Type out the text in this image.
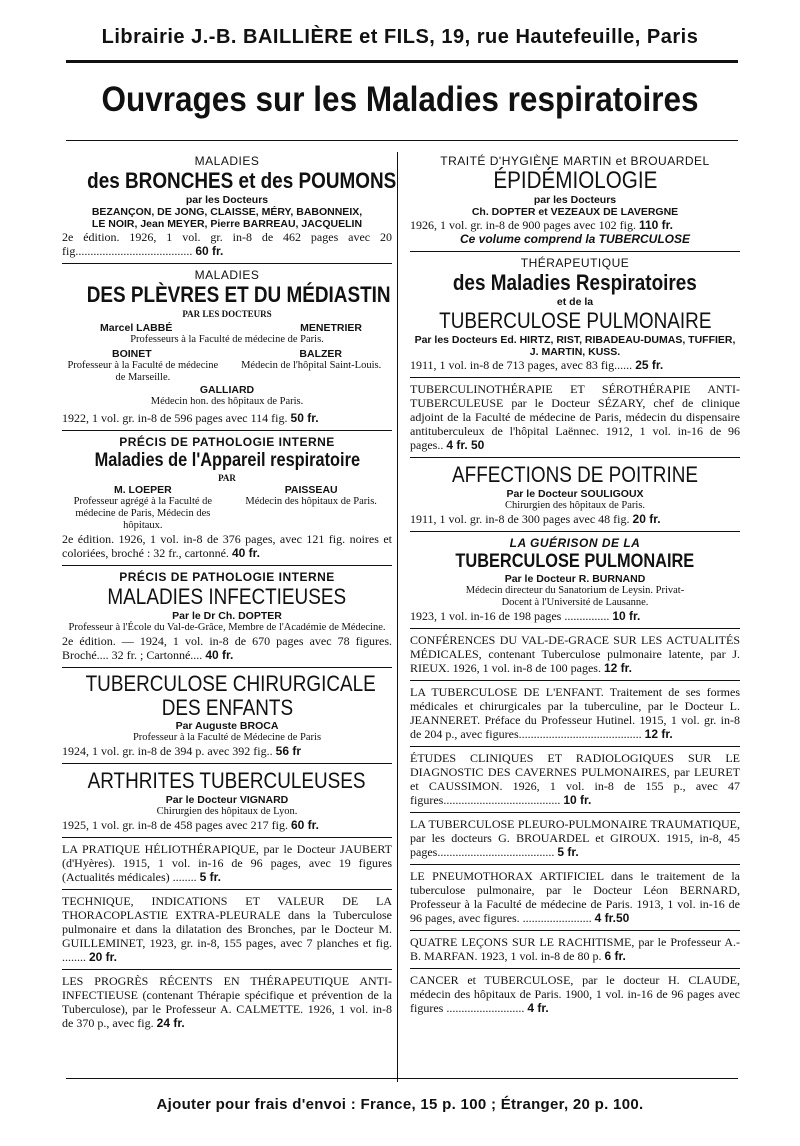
Librairie J.-B. BAILLIÈRE et FILS, 19, rue Hautefeuille, Paris
Ouvrages sur les Maladies respiratoires
MALADIES
des BRONCHES et des POUMONS
par les Docteurs
BEZANÇON, DE JONG, CLAISSE, MÉRY, BABONNEIX,
LE NOIR, Jean MEYER, Pierre BARREAU, JACQUELIN
2e édition. 1926, 1 vol. gr. in-8 de 462 pages avec 20 fig....................................... 60 fr.
MALADIES
DES PLÈVRES ET DU MÉDIASTIN
PAR LES DOCTEURS
Marcel LABBÉ	MENETRIER
Professeurs à la Faculté de médecine de Paris.
BOINET	BALZER
Professeur à la Faculté de médecine de Marseille.
Médecin de l'hôpital Saint-Louis.
GALLIARD
Médecin hon. des hôpitaux de Paris.
1922, 1 vol. gr. in-8 de 596 pages avec 114 fig. 50 fr.
PRÉCIS DE PATHOLOGIE INTERNE
Maladies de l'Appareil respiratoire
PAR
M. LOEPER
Professeur agrégé à la Faculté de médecine de Paris, Médecin des hôpitaux.
PAISSEAU
Médecin des hôpitaux de Paris.
2e édition. 1926, 1 vol. in-8 de 376 pages, avec 121 fig. noires et coloriées, broché : 32 fr., cartonné. 40 fr.
PRÉCIS DE PATHOLOGIE INTERNE
MALADIES INFECTIEUSES
Par le Dr Ch. DOPTER
Professeur à l'École du Val-de-Grâce, Membre de l'Académie de Médecine.
2e édition. — 1924, 1 vol. in-8 de 670 pages avec 78 figures. Broché.... 32 fr. ; Cartonné.... 40 fr.
TUBERCULOSE CHIRURGICALE
DES ENFANTS
Par Auguste BROCA
Professeur à la Faculté de Médecine de Paris
1924, 1 vol. gr. in-8 de 394 p. avec 392 fig.. 56 fr
ARTHRITES TUBERCULEUSES
Par le Docteur VIGNARD
Chirurgien des hôpitaux de Lyon.
1925, 1 vol. gr. in-8 de 458 pages avec 217 fig. 60 fr.
LA PRATIQUE HÉLIOTHÉRAPIQUE, par le Docteur JAUBERT (d'Hyères). 1915, 1 vol. in-16 de 96 pages, avec 19 figures (Actualités médicales) ........ 5 fr.
TECHNIQUE, INDICATIONS ET VALEUR DE LA THORACOPLASTIE EXTRA-PLEURALE dans la Tuberculose pulmonaire et dans la dilatation des Bronches, par le Docteur M. GUILLEMINET, 1923, gr. in-8, 155 pages, avec 7 planches et fig. ........ 20 fr.
LES PROGRÈS RÉCENTS EN THÉRAPEUTIQUE ANTI-INFECTIEUSE (contenant Thérapie spécifique et prévention de la Tuberculose), par le Professeur A. CALMETTE. 1926, 1 vol. in-8 de 370 p., avec fig. 24 fr.
TRAITÉ D'HYGIÈNE MARTIN et BROUARDEL
ÉPIDÉMIOLOGIE
par les Docteurs
Ch. DOPTER et VEZEAUX DE LAVERGNE
1926, 1 vol. gr. in-8 de 900 pages avec 102 fig. 110 fr.
Ce volume comprend la TUBERCULOSE
THÉRAPEUTIQUE
des Maladies Respiratoires
et de la
TUBERCULOSE PULMONAIRE
Par les Docteurs Ed. HIRTZ, RIST, RIBADEAU-DUMAS, TUFFIER, J. MARTIN, KUSS.
1911, 1 vol. in-8 de 713 pages, avec 83 fig...... 25 fr.
TUBERCULINOTHÉRAPIE ET SÉROTHÉRAPIE ANTI-TUBERCULEUSE par le Docteur SÉZARY, chef de clinique adjoint de la Faculté de médecine de Paris, médecin du dispensaire antituberculeux de l'hôpital Laënnec. 1912, 1 vol. in-16 de 96 pages.. 4 fr. 50
AFFECTIONS DE POITRINE
Par le Docteur SOULIGOUX
Chirurgien des hôpitaux de Paris.
1911, 1 vol. gr. in-8 de 300 pages avec 48 fig. 20 fr.
LA GUÉRISON DE LA
TUBERCULOSE PULMONAIRE
Par le Docteur R. BURNAND
Médecin directeur du Sanatorium de Leysin. Privat-Docent à l'Université de Lausanne.
1923, 1 vol. in-16 de 198 pages ............... 10 fr.
CONFÉRENCES DU VAL-DE-GRACE SUR LES ACTUALITÉS MÉDICALES, contenant Tuberculose pulmonaire latente, par J. RIEUX. 1926, 1 vol. in-8 de 100 pages. 12 fr.
LA TUBERCULOSE DE L'ENFANT. Traitement de ses formes médicales et chirurgicales par la tuberculine, par le Docteur L. JEANNERET. Préface du Professeur Hutinel. 1915, 1 vol. gr. in-8 de 204 p., avec figures......................................... 12 fr.
ÉTUDES CLINIQUES ET RADIOLOGIQUES SUR LE DIAGNOSTIC DES CAVERNES PULMONAIRES, par LEURET et CAUSSIMON. 1926, 1 vol. in-8 de 155 p., avec 47 figures....................................... 10 fr.
LA TUBERCULOSE PLEURO-PULMONAIRE TRAUMATIQUE, par les docteurs G. BROUARDEL et GIROUX. 1915, in-8, 45 pages....................................... 5 fr.
LE PNEUMOTHORAX ARTIFICIEL dans le traitement de la tuberculose pulmonaire, par le Docteur Léon BERNARD, Professeur à la Faculté de médecine de Paris. 1913, 1 vol. in-16 de 96 pages, avec figures. ....................... 4 fr.50
QUATRE LEÇONS SUR LE RACHITISME, par le Professeur A.-B. MARFAN. 1923, 1 vol. in-8 de 80 p. 6 fr.
CANCER et TUBERCULOSE, par le docteur H. CLAUDE, médecin des hôpitaux de Paris. 1900, 1 vol. in-16 de 96 pages avec figures .......................... 4 fr.
Ajouter pour frais d'envoi : France, 15 p. 100 ; Étranger, 20 p. 100.
